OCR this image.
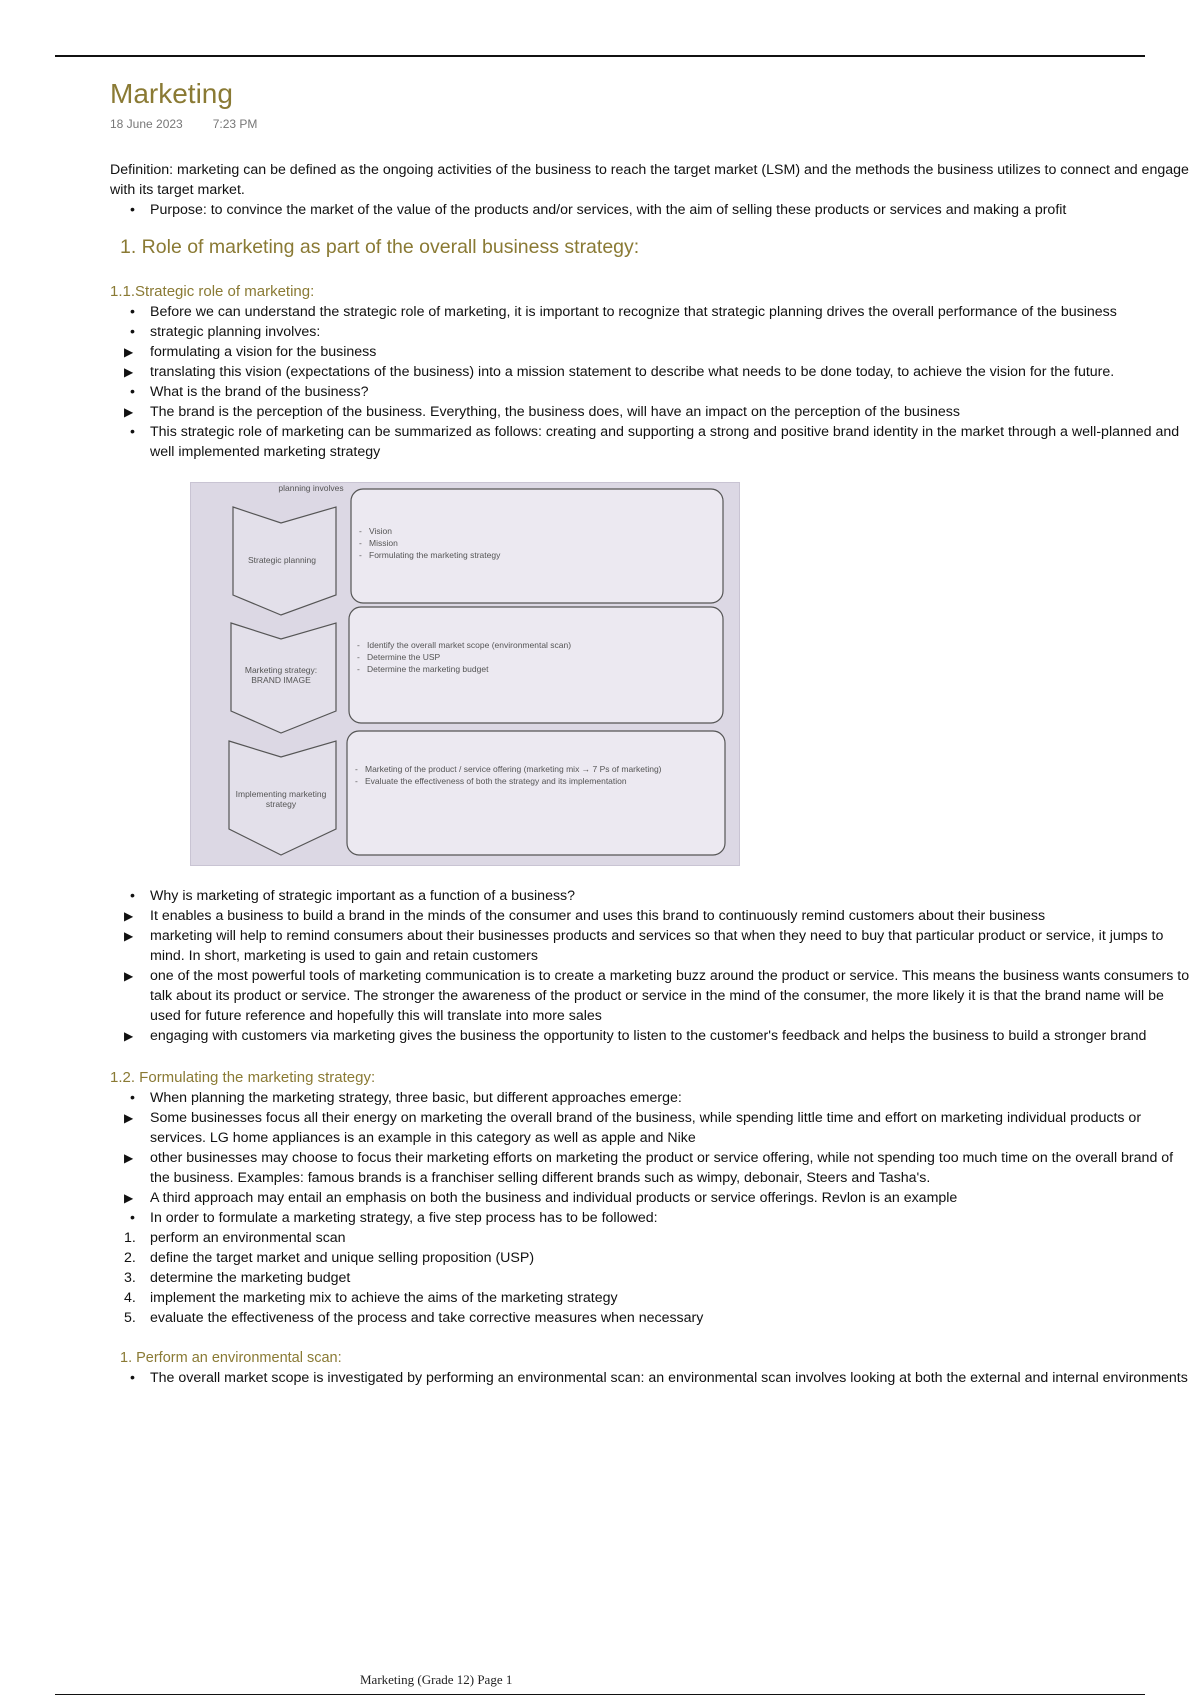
Marketing
18 June 2023	7:23 PM

Definition: marketing can be defined as the ongoing activities of the business to reach the target market (LSM) and the methods the business utilizes to connect and engage with its target market.

• Purpose: to convince the market of the value of the products and/or services, with the aim of selling these products or services and making a profit
1. Role of marketing as part of the overall business strategy:
1.1.Strategic role of marketing:
• Before we can understand the strategic role of marketing, it is important to recognize that strategic planning drives the overall performance of the business
• strategic planning involves:
▶ formulating a vision for the business
▶ translating this vision (expectations of the business) into a mission statement to describe what needs to be done today, to achieve the vision for the future.
• What is the brand of the business?
▶ The brand is the perception of the business. Everything, the business does, will have an impact on the perception of the business
• This strategic role of marketing can be summarized as follows: creating and supporting a strong and positive brand identity in the market through a well-planned and well implemented marketing strategy
planning involves
Strategic planning
- Vision
- Mission
- Formulating the marketing strategy
Marketing strategy: BRAND IMAGE
- Identify the overall market scope (environmental scan)
- Determine the USP
- Determine the marketing budget
Implementing marketing strategy
- Marketing of the product / service offering (marketing mix → 7 Ps of marketing)
- Evaluate the effectiveness of both the strategy and its implementation
• Why is marketing of strategic important as a function of a business?
▶ It enables a business to build a brand in the minds of the consumer and uses this brand to continuously remind customers about their business
▶ marketing will help to remind consumers about their businesses products and services so that when they need to buy that particular product or service, it jumps to mind. In short, marketing is used to gain and retain customers
▶ one of the most powerful tools of marketing communication is to create a marketing buzz around the product or service. This means the business wants consumers to talk about its product or service. The stronger the awareness of the product or service in the mind of the consumer, the more likely it is that the brand name will be used for future reference and hopefully this will translate into more sales
▶ engaging with customers via marketing gives the business the opportunity to listen to the customer's feedback and helps the business to build a stronger brand
1.2. Formulating the marketing strategy:
• When planning the marketing strategy, three basic, but different approaches emerge:
▶ Some businesses focus all their energy on marketing the overall brand of the business, while spending little time and effort on marketing individual products or services. LG home appliances is an example in this category as well as apple and Nike
▶ other businesses may choose to focus their marketing efforts on marketing the product or service offering, while not spending too much time on the overall brand of the business. Examples: famous brands is a franchiser selling different brands such as wimpy, debonair, Steers and Tasha's.
▶ A third approach may entail an emphasis on both the business and individual products or service offerings. Revlon is an example
• In order to formulate a marketing strategy, a five step process has to be followed:
1. perform an environmental scan
2. define the target market and unique selling proposition (USP)
3. determine the marketing budget
4. implement the marketing mix to achieve the aims of the marketing strategy
5. evaluate the effectiveness of the process and take corrective measures when necessary
1. Perform an environmental scan:
• The overall market scope is investigated by performing an environmental scan: an environmental scan involves looking at both the external and internal environments
Marketing (Grade 12) Page 1
